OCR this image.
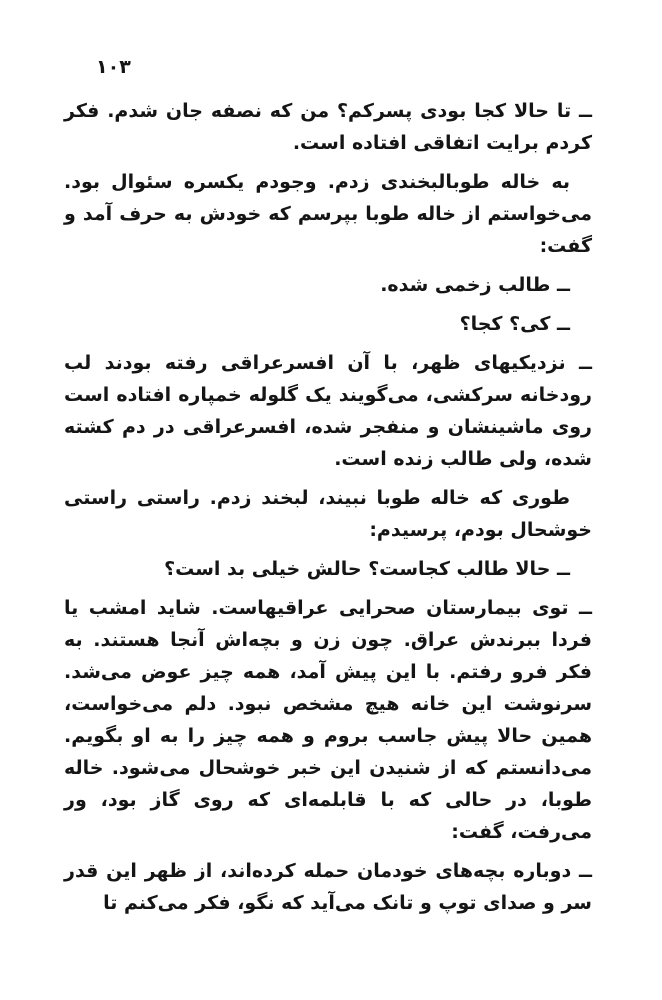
۱۰۳

ــ تا حالا کجا بودی پسرکم؟ من که نصفه جان شدم. فکر کردم برایت اتفاقی افتاده است.

به خاله طوبالبخندی زدم. وجودم یکسره سئوال بود. می‌خواستم از خاله طوبا بپرسم که خودش به حرف آمد و گفت:

ــ طالب زخمی شده.

ــ کی؟ کجا؟

ــ نزدیکیهای ظهر، با آن افسرعراقی رفته بودند لب رودخانه سرکشی، می‌گویند یک گلوله خمپاره افتاده است روی ماشینشان و منفجر شده، افسرعراقی در دم کشته شده، ولی طالب زنده است.

طوری که خاله طوبا نبیند، لبخند زدم. راستی راستی خوشحال بودم، پرسیدم:

ــ حالا طالب کجاست؟ حالش خیلی بد است؟

ــ توی بیمارستان صحرایی عراقیهاست. شاید امشب یا فردا ببرندش عراق. چون زن و بچه‌اش آنجا هستند. به فکر فرو رفتم. با این پیش آمد، همه چیز عوض می‌شد. سرنوشت این خانه هیچ مشخص نبود. دلم می‌خواست، همین حالا پیش جاسب بروم و همه چیز را به او بگویم. می‌دانستم که از شنیدن این خبر خوشحال می‌شود. خاله طوبا، در حالی که با قابلمه‌ای که روی گاز بود، ور می‌رفت، گفت:

ــ دوباره بچه‌های خودمان حمله کرده‌اند، از ظهر این قدر سر و صدای توپ و تانک می‌آید که نگو، فکر می‌کنم تا
